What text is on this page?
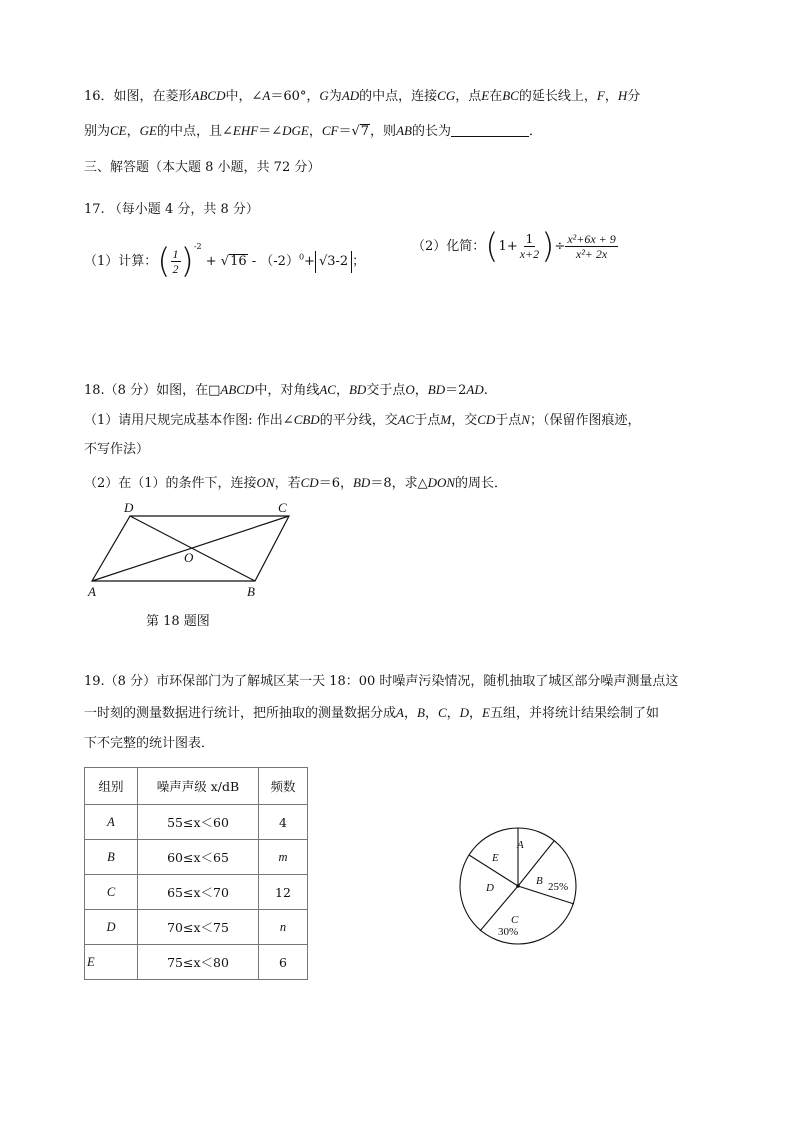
16．如图，在菱形ABCD中，∠A＝60°，G为AD的中点，连接CG，点E在BC的延长线上，F，H分
别为CE，GE的中点，且∠EHF＝∠DGE，CF＝√7，则AB的长为	．
三、解答题（本大题 8 小题，共 72 分）
17. （每小题 4 分，共 8 分）
（1）计算：( $\frac{1}{2} )^{-2} + √16 - (-2)^0+ √3-2$ ；
（2）化简：($1+ \frac{1}{x+2}$ )÷ $\frac{\text{x²+6x + 9}}{\text{x²+ 2x}}$
18.（8 分）如图，在□ABCD中，对角线AC，BD交于点O，BD＝2AD.
（1）请用尺规完成基本作图: 作出∠CBD的平分线，交AC于点M，交CD于点N；（保留作图痕迹，
不写作法）
（2）在（1）的条件下，连接ON，若CD＝6，BD＝8，求△DON的周长．
D	C
O
A	B
第 18 题图
19.（8 分）市环保部门为了解城区某一天 18：00 时噪声污染情况，随机抽取了城区部分噪声测量点这
一时刻的测量数据进行统计，把所抽取的测量数据分成A，B，C，D，E五组，并将统计结果绘制了如
下不完整的统计图表．
组别	噪声声级 x/dB	频数
A	55≤x＜60	4
B	60≤x＜65	m
C	65≤x＜70	12
D	70≤x＜75	n
E	75≤x＜80	6
A
B 25%
C
30%
D
E
